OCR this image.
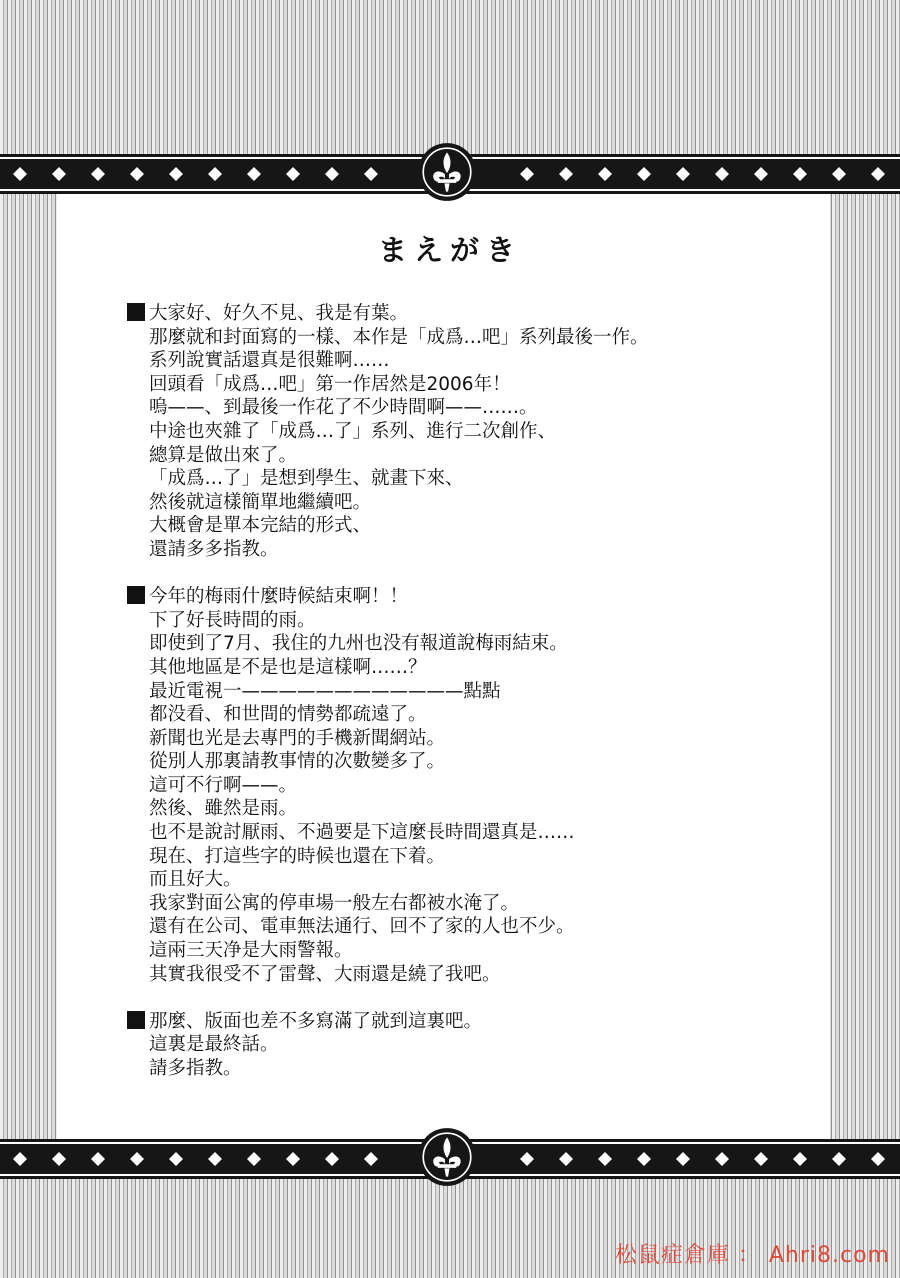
まえがき
大家好、好久不見、我是有葉。
那麼就和封面寫的一樣、本作是「成爲…吧」系列最後一作。
系列說實話還真是很難啊……
回頭看「成爲…吧」第一作居然是2006年！
嗚——、到最後一作花了不少時間啊——……。
中途也夾雜了「成爲…了」系列、進行二次創作、
總算是做出來了。
「成爲…了」是想到學生、就畫下來、
然後就這樣簡單地繼續吧。
大概會是單本完結的形式、
還請多多指教。
今年的梅雨什麼時候結束啊！！
下了好長時間的雨。
即使到了7月、我住的九州也没有報道說梅雨結束。
其他地區是不是也是這樣啊……？
最近電視一————————————點點
都没看、和世間的情勢都疏遠了。
新聞也光是去專門的手機新聞網站。
從別人那裏請教事情的次數變多了。
這可不行啊——。
然後、雖然是雨。
也不是說討厭雨、不過要是下這麼長時間還真是……
現在、打這些字的時候也還在下着。
而且好大。
我家對面公寓的停車場一般左右都被水淹了。
還有在公司、電車無法通行、回不了家的人也不少。
這兩三天净是大雨警報。
其實我很受不了雷聲、大雨還是繞了我吧。
那麼、版面也差不多寫滿了就到這裏吧。
這裏是最終話。
請多指教。
松鼠症倉庫 ： Ahri8.com
